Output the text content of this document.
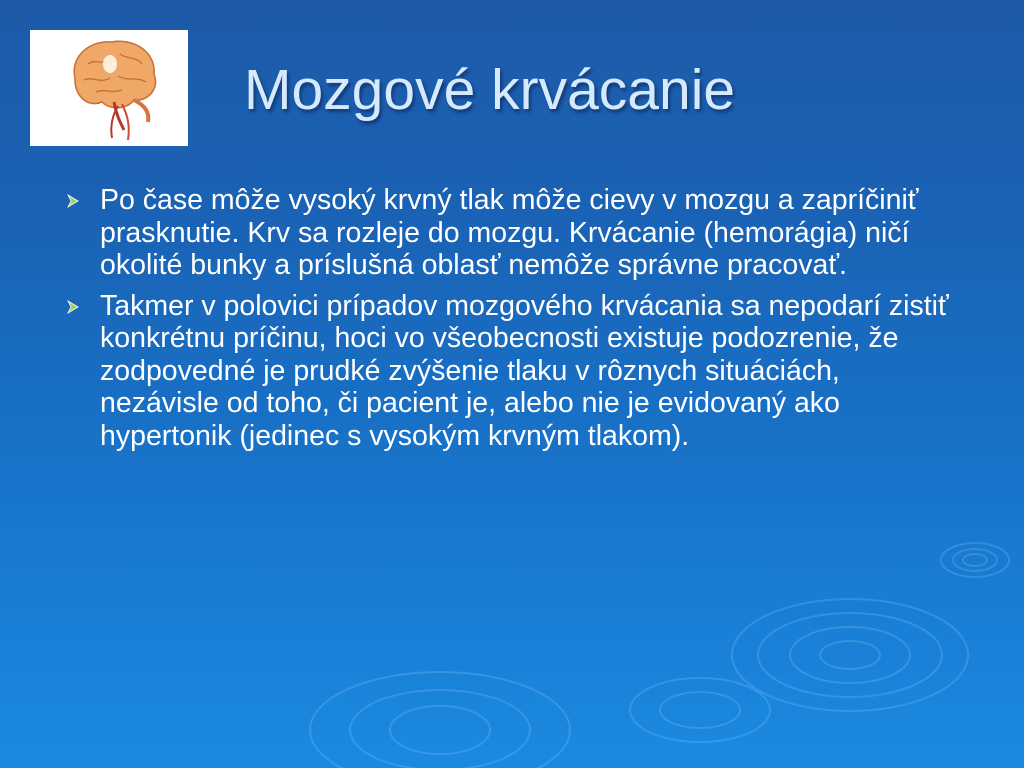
Mozgové krvácanie
Po čase môže vysoký krvný tlak môže cievy v mozgu a zapríčiniť prasknutie. Krv sa rozleje do mozgu. Krvácanie (hemorágia) ničí okolité bunky a príslušná oblasť nemôže správne pracovať.
Takmer v polovici prípadov mozgového krvácania sa nepodarí zistiť konkrétnu príčinu, hoci vo všeobecnosti existuje podozrenie, že zodpovedné je prudké zvýšenie tlaku v rôznych situáciách, nezávisle od toho, či pacient je, alebo nie je evidovaný ako hypertonik (jedinec s vysokým krvným tlakom).
